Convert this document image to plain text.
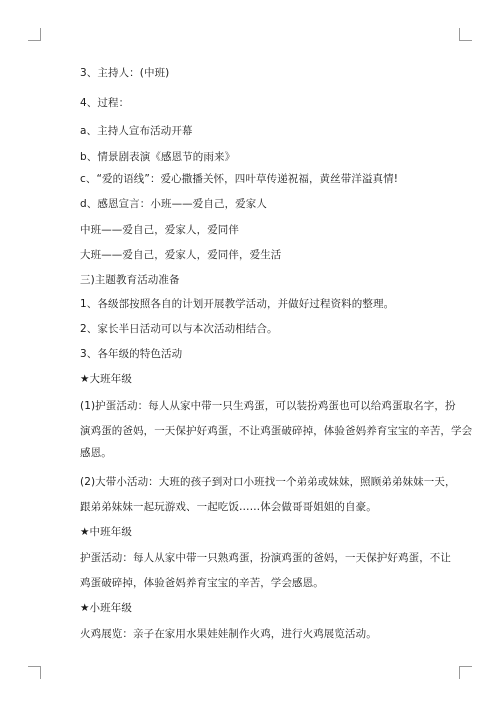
3、主持人：(中班)
4、过程：
a、主持人宣布活动开幕
b、情景剧表演《感恩节的雨来》
c、“爱的语线”：爱心撒播关怀，四叶草传递祝福，黄丝带洋溢真情!
d、感恩宣言：小班——爱自己，爱家人
中班——爱自己，爱家人，爱同伴
大班——爱自己，爱家人，爱同伴，爱生活
三)主题教育活动准备
1、各级部按照各自的计划开展教学活动，并做好过程资料的整理。
2、家长半日活动可以与本次活动相结合。
3、各年级的特色活动
★大班年级
(1)护蛋活动：每人从家中带一只生鸡蛋，可以装扮鸡蛋也可以给鸡蛋取名字，扮
演鸡蛋的爸妈，一天保护好鸡蛋，不让鸡蛋破碎掉，体验爸妈养育宝宝的辛苦，学会
感恩。
(2)大带小活动：大班的孩子到对口小班找一个弟弟或妹妹，照顾弟弟妹妹一天，
跟弟弟妹妹一起玩游戏、一起吃饭……体会做哥哥姐姐的自豪。
★中班年级
护蛋活动：每人从家中带一只熟鸡蛋，扮演鸡蛋的爸妈，一天保护好鸡蛋，不让
鸡蛋破碎掉，体验爸妈养育宝宝的辛苦，学会感恩。
★小班年级
火鸡展览：亲子在家用水果娃娃制作火鸡，进行火鸡展览活动。
